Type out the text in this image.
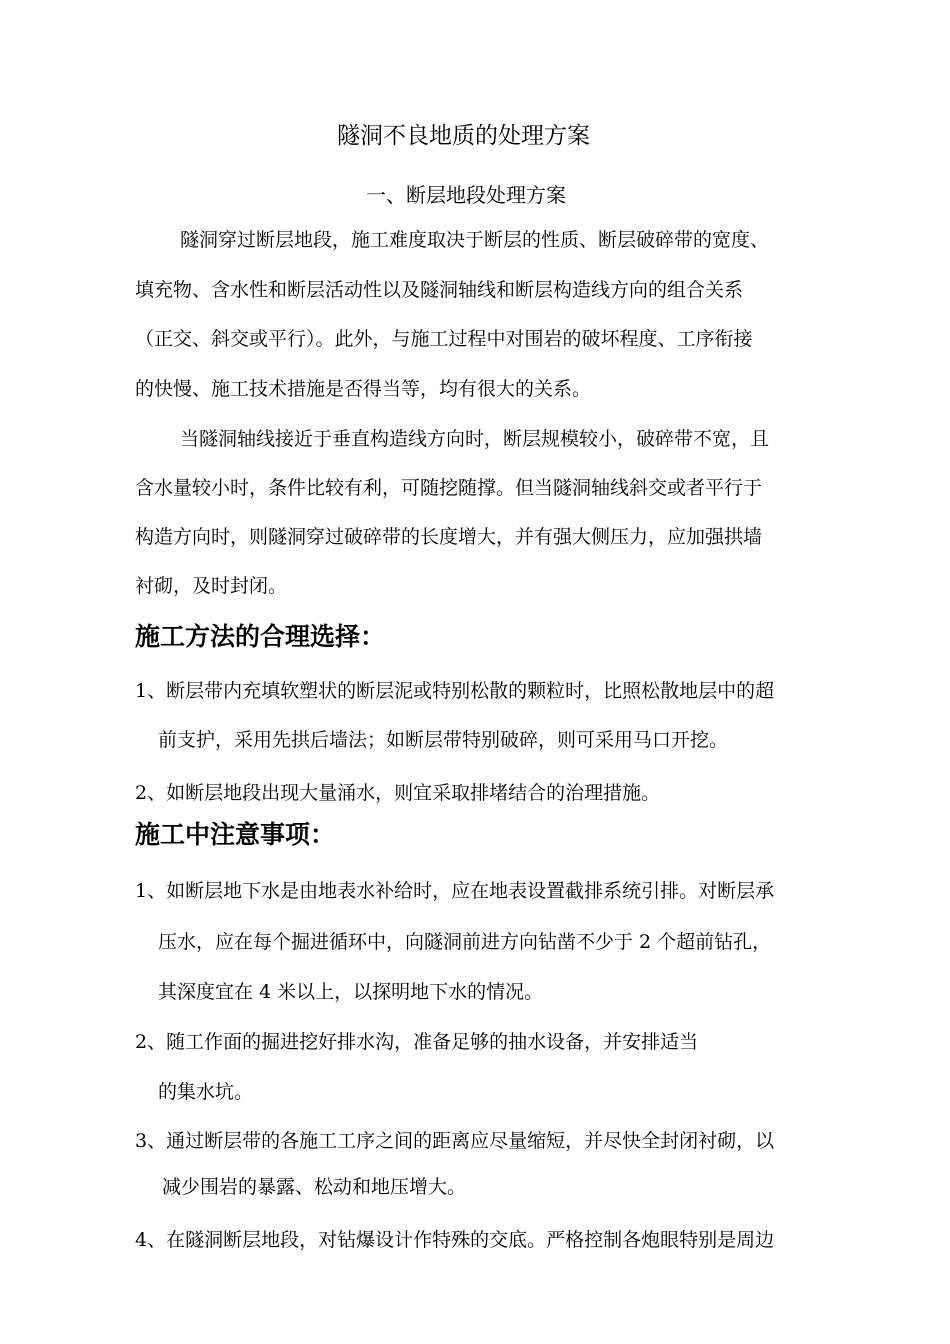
隧洞不良地质的处理方案
一、断层地段处理方案
隧洞穿过断层地段，施工难度取决于断层的性质、断层破碎带的宽度、
填充物、含水性和断层活动性以及隧洞轴线和断层构造线方向的组合关系
（正交、斜交或平行）。此外，与施工过程中对围岩的破坏程度、工序衔接
的快慢、施工技术措施是否得当等，均有很大的关系。
当隧洞轴线接近于垂直构造线方向时，断层规模较小，破碎带不宽，且
含水量较小时，条件比较有利，可随挖随撑。但当隧洞轴线斜交或者平行于
构造方向时，则隧洞穿过破碎带的长度增大，并有强大侧压力，应加强拱墙
衬砌，及时封闭。
施工方法的合理选择：
1、断层带内充填软塑状的断层泥或特别松散的颗粒时，比照松散地层中的超
前支护，采用先拱后墙法；如断层带特别破碎，则可采用马口开挖。
2、如断层地段出现大量涌水，则宜采取排堵结合的治理措施。
施工中注意事项：
1、如断层地下水是由地表水补给时，应在地表设置截排系统引排。对断层承
压水，应在每个掘进循环中，向隧洞前进方向钻凿不少于 2 个超前钻孔，
其深度宜在 4 米以上，以探明地下水的情况。
2、随工作面的掘进挖好排水沟，准备足够的抽水设备，并安排适当
的集水坑。
3、通过断层带的各施工工序之间的距离应尽量缩短，并尽快全封闭衬砌，以
减少围岩的暴露、松动和地压增大。
4、在隧洞断层地段，对钻爆设计作特殊的交底。严格控制各炮眼特别是周边
